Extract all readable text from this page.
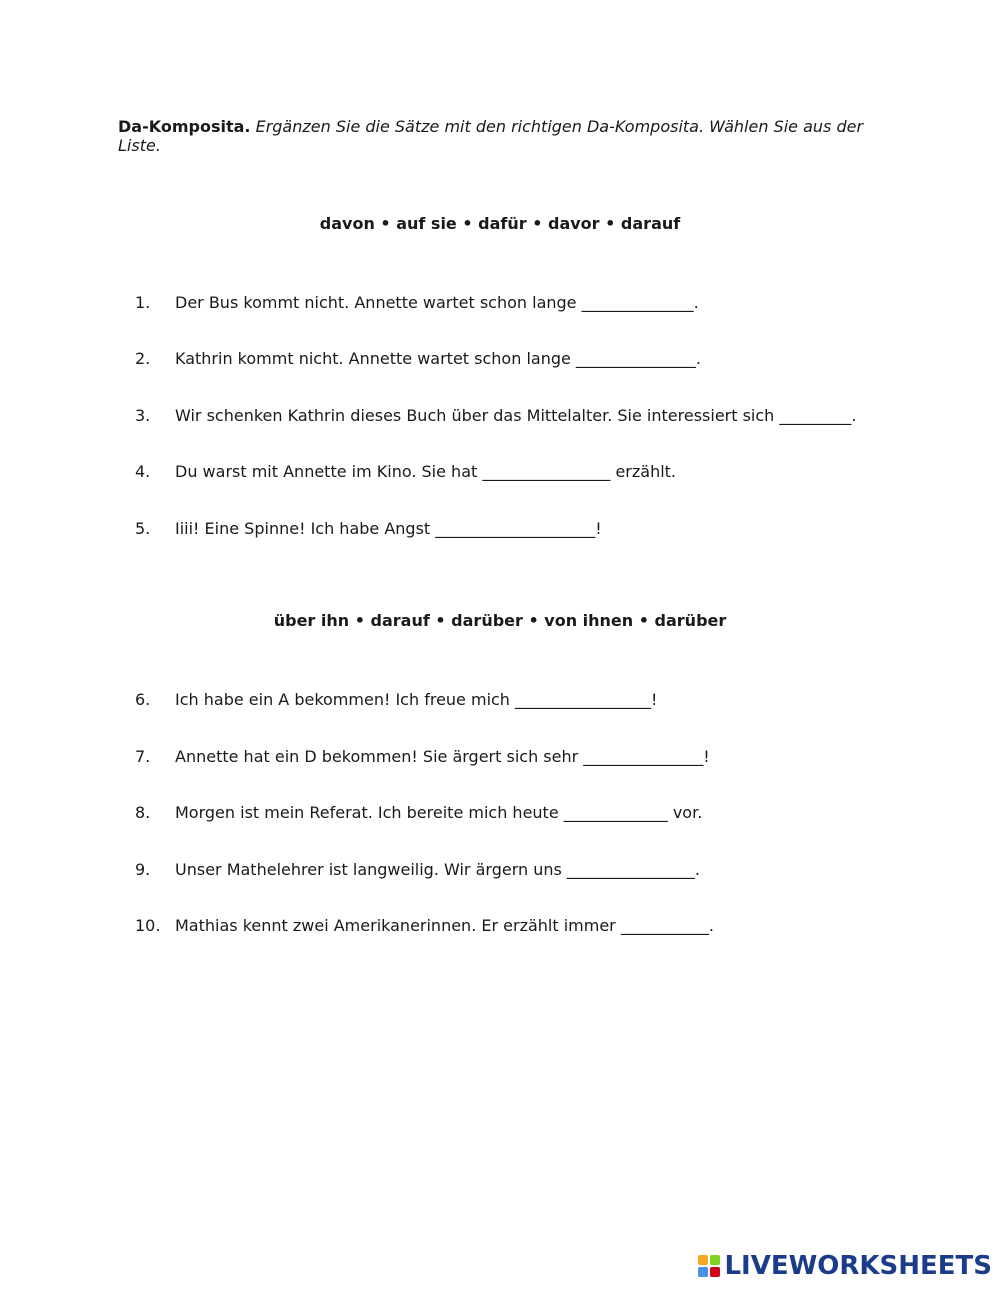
Da-Komposita. Ergänzen Sie die Sätze mit den richtigen Da-Komposita. Wählen Sie aus der Liste.
davon • auf sie • dafür • davor • darauf
1. Der Bus kommt nicht. Annette wartet schon lange ______________.
2. Kathrin kommt nicht. Annette wartet schon lange _______________.
3. Wir schenken Kathrin dieses Buch über das Mittelalter. Sie interessiert sich _________.
4. Du warst mit Annette im Kino. Sie hat ________________ erzählt.
5. Iiii! Eine Spinne! Ich habe Angst ____________________!
über ihn • darauf • darüber • von ihnen • darüber
6. Ich habe ein A bekommen! Ich freue mich _________________!
7. Annette hat ein D bekommen! Sie ärgert sich sehr _______________!
8. Morgen ist mein Referat. Ich bereite mich heute _____________ vor.
9. Unser Mathelehrer ist langweilig. Wir ärgern uns ________________.
10. Mathias kennt zwei Amerikanerinnen. Er erzählt immer ___________.
LIVEWORKSHEETS
